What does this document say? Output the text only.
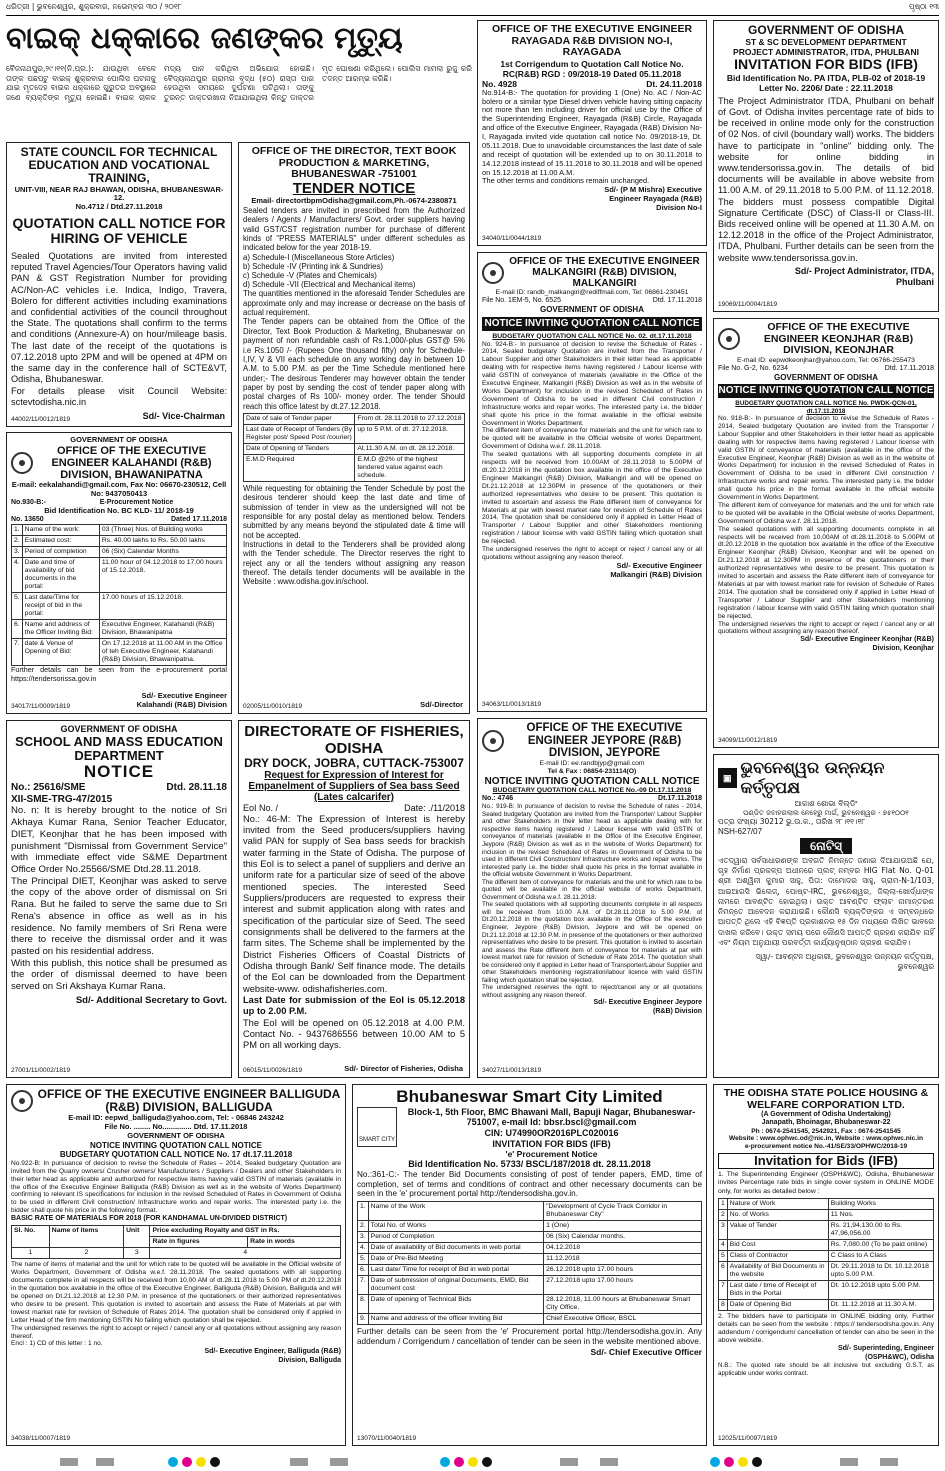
ଧରିତ୍ରୀ | ଭୁବନେଶ୍ୱର, ଶୁକ୍ରବାର, ନଭେମ୍ବର ୩୦ / ୨୦୧୮	ପୃଷ୍ଠା ୧୩
ବାଇକ୍ ଧକ୍କାରେ ଜଣଙ୍କର ମୃତ୍ୟୁ
ବୈଜନାଥପୁର,୨୯।୧୧(ନି.ପ୍ର.): ଯାଉଥିବା ବେଳେ ତାଙ୍କ ପଛପଟୁ ବାଇକ୍ ଶୁକ୍ରବାର ପୋଲିସ ଘଟନାକୁ ଯାଇ ମୃତଦେହ ବାଇକ ଧକ୍କାରେ ଗୁରୁତର ଅବସ୍ଥାରେ ଜଣେ ବ୍ୟକ୍ତିଙ୍କ ମୃତ୍ୟୁ ହୋଇଛି। ବାଇକ ଚାଳକ ମଦ୍ୟ ପାନ କରିଥିବା ଅଭିଯୋଗ ହୋଇଛି। ବୈଦ୍ୟନାଥପୁର ଗ୍ରାମର ବୃଦ୍ଧ (୫୦) ରାସ୍ତା ପାର ହେଉଥିବା ସମୟରେ ଦୁର୍ଘଟଣା ଘଟିଥିଲା। ତାଙ୍କୁ ତୁରନ୍ତ ଡାକ୍ତରଖାନା ନିଆଯାଇଥିଲା କିନ୍ତୁ ଡାକ୍ତର ମୃତ ଘୋଷଣା କରିଥିଲେ। ପୋଲିସ ମାମଲା ରୁଜୁ କରି ତଦନ୍ତ ଆରମ୍ଭ କରିଛି।
STATE COUNCIL FOR TECHNICAL EDUCATION AND VOCATIONAL TRAINING,
UNIT-VIII, NEAR RAJ BHAWAN, ODISHA, BHUBANESWAR-12.
No.4712 / Dtd.27.11.2018
QUOTATION CALL NOTICE FOR HIRING OF VEHICLE
Sealed Quotations are invited from interested reputed Travel Agencies/Tour Operators having valid PAN & GST Registration Number for providing AC/Non-AC vehicles i.e. Indica, Indigo, Travera, Bolero for different activities including examinations and confidential activities of the council throughout the State. The quotations shall confirm to the terms and conditions (Annexure-A) on hour/mileage basis. The last date of the receipt of the quotations is 07.12.2018 upto 2PM and will be opened at 4PM on the same day in the conference hall of SCTE&VT, Odisha, Bhubaneswar.
For details please visit Council Website: sctevtodisha.nic.in
44002/11/0012/1819	Sd/- Vice-Chairman
GOVERNMENT OF ODISHA
OFFICE OF THE EXECUTIVE ENGINEER KALAHANDI (R&B) DIVISION, BHAWANIPATNA
E-mail: eekalahandi@gmail.com, Fax No: 06670-230512, Cell No: 9437050413
No.930-B:-	E-Procurement Notice
Bid Identification No. BC KLD- 11/ 2018-19
No. 13650	Dated 17.11.2018
1.	Name of the work:	03 (Three) Nos. of Building works
2.	Estimated cost:	Rs. 40.00 lakhs to Rs. 50.00 lakhs
3.	Period of completion	06 (Six) Calendar Months
4.	Date and time of availability of bid documents in the portal:	11.00 hour of 04.12.2018 to 17.00 hours of 15.12.2018.
5.	Last date/Time for receipt of bid in the portal:	17.00 hours of 15.12.2018.
6.	Name and address of the Officer Inviting Bid:	Executive Engineer, Kalahandi (R&B) Division, Bhawanipatna
7.	date & Venue of Opening of Bid:	On 17.12.2018 at 11.00 AM in the Office of teh Executive Engineer, Kalahandi (R&B) Division, Bhawanipatna.
Further details can be seen from the e-procurement portal https://tendersorissa.gov.in
34017/11/0009/1819
Sd/- Executive Engineer Kalahandi (R&B) Division
GOVERNMENT OF ODISHA
SCHOOL AND MASS EDUCATION DEPARTMENT
NOTICE
No.: 25616/SME	Dtd. 28.11.18
XII-SME-TRG-47/2015
No. n: It is hereby brought to the notice of Sri Akhaya Kumar Rana, Senior Teacher Educator, DIET, Keonjhar that he has been imposed with punishment "Dismissal from Government Service" with immediate effect vide S&ME Department Office Order No.25566/SME Dtd.28.11.2018.
The Principal DIET, Keonjhar was asked to serve the copy of the above order of dismissal on Sri Rana. But he failed to serve the same due to Sri Rena's absence in office as well as in his residence. No family members of Sri Rena were there to receive the dismissal order and it was pasted on his residential address.
With this publish, this notice shall be presumed as the order of dismissal deemed to have been served on Sri Akshaya Kumar Rana.
Sd/- Additional Secretary to Govt.
27001/11/0002/1819
OFFICE OF THE DIRECTOR, TEXT BOOK PRODUCTION & MARKETING, BHUBANESWAR -751001
TENDER NOTICE
Email- directortbpmOdisha@gmail.com,Ph.-0674-2380871
Sealed tenders are invited in prescribed from the Authorized dealers / Agents / Manufacturers/ Govt. order suppliers having valid GST/CST registration number for purchase of different kinds of "PRESS MATERIALS" under different schedules as indicated below for the year 2018-19.
a) Schedule-I (Miscellaneous Store Articles)
b) Schedule -IV (Printing ink & Sundries)
c) Schedule -V (Plates and Chemicals)
d) Schedule -VII (Electrical and Mechanical items)
The quantities mentioned in the aforesaid Tender Schedules are approximate only and may increase or decrease on the basis of actual requirement.
The Tender papers can be obtained from the Office of the Director, Text Book Production & Marketing, Bhubaneswar on payment of non refundable cash of Rs.1,000/-plus GST@ 5% i.e Rs.1050 /- (Rupees One thousand fifty) only for Schedule-I,IV, V & VII each schedule on any working day in between 10 A.M. to 5.00 P.M. as per the Time Schedule mentioned here under;- The desirous Tenderer may however obtain the tender paper by post by sending the cost of tender paper along with postal charges of Rs 100/- money order. The tender Should reach this office latest by dt.27.12.2018.
Date of sale of Tender paper	From dt. 28.11.2018 to 27.12.2018
Last date of Receipt of Tenders (By Register post/ Speed Post /courier)	up to 5 P.M. of dt. 27.12.2018.
Date of Opening of Tenders	At.11.30 A.M. on dt. 28.12.2018.
E.M.D Required	E.M.D @2% of the highest tendered value against each schedule.
While requesting for obtaining the Tender Schedule by post the desirous tenderer should keep the last date and time of submission of tender in view as the undersigned will not be responsible for any postal delay as mentioned below. Tenders submitted by any means beyond the stipulated date & time will not be accepted.
Instructions in detail to the Tenderers shall be provided along with the Tender schedule. The Director reserves the right to reject any or all the tenders without assigning any reason thereof. The details tender documents will be available in the Website : www.odisha.gov.in/school.
02005/11/0010/1819	Sd/-Director
DIRECTORATE OF FISHERIES, ODISHA
DRY DOCK, JOBRA, CUTTACK-753007
Request for Expression of Interest for Empanelment of Suppliers of Sea bass Seed (Lates calcarifer)
EoI No. /	Date: ./11/2018
No.: 46-M: The Expression of Interest is hereby invited from the Seed producers/suppliers having valid PAN for supply of Sea bass seeds for brackish water farming in the State of Odisha. The purpose of this EoI is to select a panel of suppliers and derive an uniform rate for a particular size of seed of the above mentioned species. The interested Seed Suppliers/producers are requested to express their interest and submit application along with rates and specification of the particular size of Seed. The seed consignments shall be delivered to the farmers at the farm sites. The Scheme shall be implemented by the District Fisheries Officers of Coastal Districts of Odisha through Bank/ Self finance mode. The details of the EoI can be downloaded from the Department website-www. odishafisheries.com.
Last Date for submission of the EoI is 05.12.2018 up to 2.00 P.M.
The EoI will be opened on 05.12.2018 at 4.00 P.M. Contact No. - 9437686556 between 10.00 AM to 5 PM on all working days.
06015/11/0026/1819	Sd/- Director of Fisheries, Odisha
OFFICE OF THE EXECUTIVE ENGINEER RAYAGADA R&B DIVISION NO-I, RAYAGADA
1st Corrigendum to Quotation Call Notice No.
RC(R&B) RGD : 09/2018-19 Dated 05.11.2018
No. 4928	Dt. 24.11.2018
No.914-B:- The quotation for providing 1 (One) No. AC / Non-AC bolero or a similar type Diesel driven vehicle having sitting capacity not more than ten including driver for official use by the Office of the Superintending Engineer, Rayagada (R&B) Circle, Rayagada and office of the Executive Engineer, Rayagada (R&B) Division No-I, Rayagada invited vide quotation call notice No. 09/2018-19, Dt. 05.11.2018. Due to unavoidable circumstances the last date of sale and receipt of quotation will be extended up to on 30.11.2018 to 14.12.2018 instead of 15.11.2018 to 30.11.2018 and will be opened on 15.12.2018 at 11.00 A.M.
The other terms and conditions remain unchanged.
Sd/- (P M Mishra) Executive Engineer Rayagada (R&B) Division No-I
34040/11/0044/1819
OFFICE OF THE EXECUTIVE ENGINEER MALKANGIRI (R&B) DIVISION, MALKANGIRI
E-mail ID: randb_malkangiri@rediffmail.com, Tel: 06861-230451
File No. 1EM-5, No. 6525	Dtd. 17.11.2018
GOVERNMENT OF ODISHA
NOTICE INVITING QUOTATION CALL NOTICE
BUDGETARY QUOTATION CALL NOTICE No. 02. dt.17.11.2018
No. 924-B:- In pursuance of decision to revise the Schedule of Rates - 2014, Sealed budgetary Quotation are invited from the Transporter / Labour Supplier and other Stakeholders in their letter head as applicable dealing with for respective items having registered / Labour license with valid GSTIN of conveyance of materials (available in the Office of the Executive Engineer, Malkangiri (R&B) Division as well as in the website of Works Department) for inclusion in the revised Scheduled of Rates in Government of Odisha to be used in different Civil construction / Infrastructure works and repair works. The interested party i.e. the bidder shall quote his price in the format available in the official website Government in Works Department.
The different item of conveyance for materials and the unit for which rate to be quoted will be available in the Official website of works Department, Government of Odisha w.e.f. 28.11.2018.
The sealed quotations with all supporting documents complete in all respects will be received from 10.00AM of 28.11.2018 to 5.00PM of dt.20.12.2018 in the quotation box available in the office of the Executive Engineer Malkangiri (R&B) Division, Malkangiri and will be opened on Dt.21.12.2018 at 12.30PM in presence of the quotationers or their authorized representatives who desire to be present. This quotation is invited to ascertain and assess the Rate different item of conveyance for Materials at par with lowest market rate for revision of Schedule of Rates 2014. The quotation shall be considered only if applied in Letter Head of Transporter / Labour Supplier and other Stakeholders mentioning registration / labour license with valid GSTIN failing which quotation shall be rejected.
The undersigned reserves the right to accept or reject / cancel any or all quotations without assigning any reason thereof.
Sd/- Executive Engineer Malkangiri (R&B) Division
34063/11/0013/1819
OFFICE OF THE EXECUTIVE ENGINEER JEYPORE (R&B) DIVISION, JEYPORE
E-mail ID: ee.randbjyp@gmail.com
Tel & Fax : 06854-231114(O)
NOTICE INVITING QUOTATION CALL NOTICE
BUDGETARY QUOTATION CALL NOTICE No.-09 Dt.17.11.2018
No.: 4746	Dt.17.11.2018
No.: 919-B: In pursuance of decision to revise the Schedule of rates - 2014, Sealed budgetary Quotation are invited from the Transporter/ Labour Supplier and other Stakeholders in their letter head as applicable dealing with for respective items having registered / Labour license with valid GSTIN of conveyance of materials (available in the Office of the Executive Engineer, Jeypore (R&B) Division as well as in the website of Works Department) for inclusion in the revised Scheduled of Rates in Government of Odisha to be used in different Civil Construction/ Infrastructure works and repair works. The interested party i.e. the bidder shall quote his price in the format available in the official website Government in Works Department.
The different item of conveyance for materials and the unit for which rate to be quoted will be available in the official website of works Department, Government of Odisha w.e.f. 28.11.2018.
The sealed quotations with all supporting documents complete in all respects will be received from 10.00 A.M. of Dt.28.11.2018 to 5.00 P.M. of Dt.20.12.2018 in the quotation box available in the Office of the executive Engineer, Jeypore (R&B) Division, Jeypore and will be opened on Dt.21.12.2018 at 12.30 P.M. in presence of the quotationers or their authorized representatives who desire to be present. This quotation is invited to ascertain and assess the Rate different item of conveyance for materials at par with lowest market rate for revision of Schedule of Rate 2014. The quotation shall be considered only if applied in Letter head of Transporter/Labour Supplier and other Stakeholders mentioning registration/labour licence with valid GSTIN failing which quotation shall be rejected.
The undersigned reserves the right to reject/cancel any or all quotations without assigning any reason thereof.
Sd/- Executive Engineer Jeypore (R&B) Division
34027/11/0013/1819
GOVERNMENT OF ODISHA
ST & SC DEVELOPMENT DEPARTMENT
PROJECT ADMINISTRATOR, ITDA, PHULBANI
INVITATION FOR BIDS (IFB)
Bid Identification No. PA ITDA, PLB-02 of 2018-19
Letter No. 2206/ Date : 22.11.2018
The Project Administrator ITDA, Phulbani on behalf of Govt. of Odisha invites percentage rate of bids to be received in online mode only for the construction of 02 Nos. of civil (boundary wall) works. The bidders have to participate in "online" bidding only. The website for online bidding in www.tendersorissa.gov.in. The details of bid documents will be available in above website from 11.00 A.M. of 29.11.2018 to 5.00 P.M. of 11.12.2018. The bidders must possess compatible Digital Signature Certificate (DSC) of Class-II or Class-III. Bids received online will be opened at 11.30 A.M. on 12.12.2018 in the office of the Project Administrator, ITDA, Phulbani. Further details can be seen from the website www.tendersorissa.gov.in.
Sd/- Project Administrator, ITDA, Phulbani
19069/11/0004/1819
OFFICE OF THE EXECUTIVE ENGINEER KEONJHAR (R&B) DIVISION, KEONJHAR
E-mail ID: eepwdkeonjhar@yahoo.com, Tel: 06766-255473
File No. G-2, No. 6234	Dtd. 17.11.2018
GOVERNMENT OF ODISHA
NOTICE INVITING QUOTATION CALL NOTICE
BUDGETARY QUOTATION CALL NOTICE No. PWDK-QCN-01, dt.17.11.2018
No. 918-B:- In pursuance of decision to revise the Schedule of Rates - 2014, Sealed budgetary Quotation are invited from the Transporter / Labour Supplier and other Stakeholders in their letter head as applicable dealing with for respective items having registered / Labour license with valid GSTIN of conveyance of materials (available in the office of the Executive Engineer, Keonjhar (R&B) Division as well as in the website of Works Department) for inclusion in the revised Scheduled of Rates in Government of Odisha to be used in different Civil construction / Infrastructure works and repair works. The interested party i.e. the bidder shall quote his price in the format available in the official website Government in Works Department.
The different item of conveyance for materials and the unit for which rate to be quoted will be available in the Official website of works Department, Government of Odisha w.e.f. 28.11.2018.
The sealed quotations with all supporting documents complete in all respects will be received from 10.00AM of dt.28.11.2018 to 5.00PM of dt.20.12.2018 in the quotation box available in the office of the Executive Engineer Keonjhar (R&B) Division, Keonjhar and will be opened on Dt.21.12.2018 at 12.30PM in presence of the quotationers or their authorized representatives who desire to be present. This quotation is invited to ascertain and assess the Rate different item of conveyance for Materials at par with lowest market rate for revision of Schedule of Rates 2014. The quotation shall be considered only if applied in Letter Head of Transporter / Labour Supplier and other Stakeholders mentioning registration / labour license with valid GSTIN failing which quotation shall be rejected.
The undersigned reserves the right to accept or reject / cancel any or all quotations without assigning any reason thereof.
Sd/- Executive Engineer Keonjhar (R&B) Division, Keonjhar
34099/11/0012/1819
▣
ଭୁବନେଶ୍ୱର ଉନ୍ନୟନ କର୍ତ୍ତୃପକ୍ଷ
ଆକାଶ ଶୋଭା ବିଲ୍ଡିଂ
ପଣ୍ଡିତ ଜବାହରଲାଲ ନେହେରୁ ମାର୍ଗ, ଭୁବନେଶ୍ୱର - ୭୫୧୦୦୧
ପତ୍ର ସଂଖ୍ୟା 30212 ଭୁ.ଉ.କ., ତାରିଖ ୨୮।୧୧।୧୮
NSH-627/07
ନୋଟିସ୍
ଏତଦ୍ୱାରା ସର୍ବସାଧାରଣଙ୍କ ଅବଗତି ନିମନ୍ତେ ଜଣାଇ ଦିଆଯାଉଅଛି ଯେ, ଗୃହ ନିର୍ମାଣ ପ୍ରକଳ୍ପ ଅଧୀନରେ ପ୍ଲଟ୍ ନମ୍ବର HIG Flat No. Q-01 ଶ୍ରୀ ଅଶ୍ୱିନୀ କୁମାର ସାହୁ, ପିତା: ଦାମୋଦର ସାହୁ, ଗ୍ରାମ-N-1/103, ଆଇଆରସି ଭିଲେଜ୍, ପୋଷ୍ଟ-IRC, ଭୁବନେଶ୍ୱର, ଜିଲ୍ଲା-ଖୋର୍ଦ୍ଧାଙ୍କ ନାମରେ ଆବଣ୍ଟିତ ହୋଇଥିଲା। ଉକ୍ତ ଆବଣ୍ଟିତ ଫ୍ଲାଟ ନାମାନ୍ତରଣ ନିମନ୍ତେ ଆବେଦନ କରାଯାଇଛି। କୌଣସି ବ୍ୟକ୍ତିଙ୍କର ଏ ସମ୍ବନ୍ଧରେ ଆପତ୍ତି ଥିଲେ ଏହି ବିଜ୍ଞପ୍ତି ପ୍ରକାଶନର ୧୫ ଦିନ ମଧ୍ୟରେ ଲିଖିତ ଭାବରେ ଦାଖଲ କରିବେ। ଉକ୍ତ ସମୟ ପରେ କୌଣସି ଆପତ୍ତି ଗ୍ରହଣ କରାଯିବ ନାହିଁ ଏବଂ ନିୟମ ଅନୁଯାୟୀ ପରବର୍ତ୍ତୀ କାର୍ଯ୍ୟାନୁଷ୍ଠାନ ଗ୍ରହଣ କରାଯିବ।
ସ୍ୱା/- ଆବଣ୍ଟନ ଅଧିକାରୀ, ଭୁବନେଶ୍ୱର ଉନ୍ନୟନ କର୍ତ୍ତୃପକ୍ଷ, ଭୁବନେଶ୍ୱର
OFFICE OF THE EXECUTIVE ENGINEER BALLIGUDA (R&B) DIVISION, BALLIGUDA
E-mail ID: eepwd_balliguda@yahoo.com, Tel: - 06846 243242
File No. ........ No.............. Dtd. 17.11.2018
GOVERNMENT OF ODISHA
NOTICE INVITING QUOTATION CALL NOTICE
BUDGETARY QUOTATION CALL NOTICE No. 17 dt.17.11.2018
No.922-B: In pursuance of decision to revise the Schedule of Rates – 2014, Sealed budgetary Quotation are invited from the Quarry owners/ Crusher owners/ Manufacturers / Suppliers / Dealers and other Stakeholders in their letter head as applicable and authorized for respective items having valid GSTIN of materials (available in the office of the Executive Engineer Balliguda (R&B) Division as well as in the website of Works Department) confirming to relevant IS specifications for inclusion in the revised Scheduled of Rates in Government of Odisha to be used in different Civil construction/ Infrastructure works and repair works. The interested party i.e. the bidder shall quote his price in the following format.
BASIC RATE OF MATERIALS FOR 2018 (FOR KANDHAMAL UN-DIVIDED DISTRICT)
Sl. No.	Name of items	Unit	Price excluding Royalty and GST in Rs.	
			Rate in figures	Rate in words
1	2	3	4	
The name of items of material and the unit for which rate to be quoted will be available in the Official website of Works Department, Government of Odisha w.e.f. 28.11.2018. The sealed quotations with all supporting documents complete in all respects will be received from 10.00 AM of dt.28.11.2018 to 5.00 PM of dt.20.12.2018 in the quotation box available in the office of the Executive Engineer, Balliguda (R&B) Division, Balliguda and will be opened on Dt.21.12.2018 at 12.30 P.M. in presence of the quotationers or their authorized representatives who desire to be present. This quotation is invited to ascertain and assess the Rate of Materials at par with lowest market rate for revision of Schedule of Rates 2014. The quotation shall be considered only if applied in Letter Head of the firm mentioning GSTIN No failing which quotation shall be rejected.
The undersigned reserves the right to accept or reject / cancel any or all quotations without assigning any reason thereof.
Encl : 1) CD of this letter : 1 no.
Sd/- Executive Engineer, Balliguda (R&B) Division, Balliguda
34038/11/0007/1819
Bhubaneswar Smart City Limited
SMART CITY
Block-1, 5th Floor, BMC Bhawani Mall, Bapuji Nagar, Bhubaneswar-751007, e-mail Id: bbsr.bscl@gmail.com
CIN: U74990OR2016PLC020016
INVITATION FOR BIDS (IFB)
'e' Procurement Notice
Bid Identification No. 5733/ BSCL/187/2018 dt. 28.11.2018
No.:361-C:- The tender Bid Documents consisting of post of tender papers, EMD, time of completion, set of terms and conditions of contract and other necessary documents can be seen in the 'e' procurement portal http://tendersodisha.gov.in.
1.	Name of the Work	"Development of Cycle Track Corridor in Bhubaneswar City"
2.	Total No. of Works	1 (One)
3.	Period of Completion	06 (Six) Calendar months.
4.	Date of availability of Bid documents in web portal	04.12.2018
5.	Date of Pre-Bid Meeting	11.12.2018
6.	Last date/ Time for receipt of Bid in web portal	26.12.2018 upto 17.00 hours
7.	Date of submission of original Documents, EMD, Bid document cost	27.12.2018 upto 17.00 hours
8.	Date of opening of Technical Bids	28.12.2018, 11.00 hours at Bhubaneswar Smart City Office.
9.	Name and address of the officer Inviting Bid	Chief Executive Officer, BSCL
Further details can be seen from the 'e' Procurement portal http://tendersodisha.gov.in. Any addendum / Corrigendum / cancellation of tender can be seen in the website mentioned above.
Sd/- Chief Executive Officer
13070/11/0040/1819
THE ODISHA STATE POLICE HOUSING & WELFARE CORPORATION LTD.
(A Government of Odisha Undertaking)
Janapath, Bhoinagar, Bhubaneswar-22
Ph : 0674-2541545, 2542921, Fax : 0674-2541545
Website : www.ophwc.od@nic.in, Website : www.ophwc.nic.in
e-procurement notice No.-41/SE/33/OPHWC/2018-19
Invitation for Bids (IFB)
1. The Superintending Engineer (OSPH&WC), Odisha, Bhubaneswar invites Percentage rate bids in single cover system in ONLINE MODE only, for works as detailed below :
1	Nature of Work	Building Works
2	No. of Works	11 Nos.
3	Value of Tender	Rs. 21,94,130.00 to Rs. 47,96,056.00
4	Bid Cost	Rs. 7,080.00 (To be paid online)
5	Class of Contractor	C Class to A Class
6	Availability of Bid Documents in the website	Dt. 29.11.2018 to Dt. 10.12.2018 upto 5.00 P.M.
7	Last date / time of Receipt of Bids in the Portal	Dt. 10.12.2018 upto 5.00 P.M.
8	Date of Opening Bid	Dt. 11.12.2018 at 11.30 A.M.
2. The bidders have to participate in ONLINE bidding only. Further details can be seen from the website : https:// tendersodisha.gov.in. Any addendum / corrigendum/ cancellation of tender can also be seen in the above website.
Sd/- Superinteding, Engineer (OSPH&WC), Odisha
N.B.: The quoted rate should be all inclusive but excluding G.S.T. as applicable under works contract.
12025/11/0097/1819
